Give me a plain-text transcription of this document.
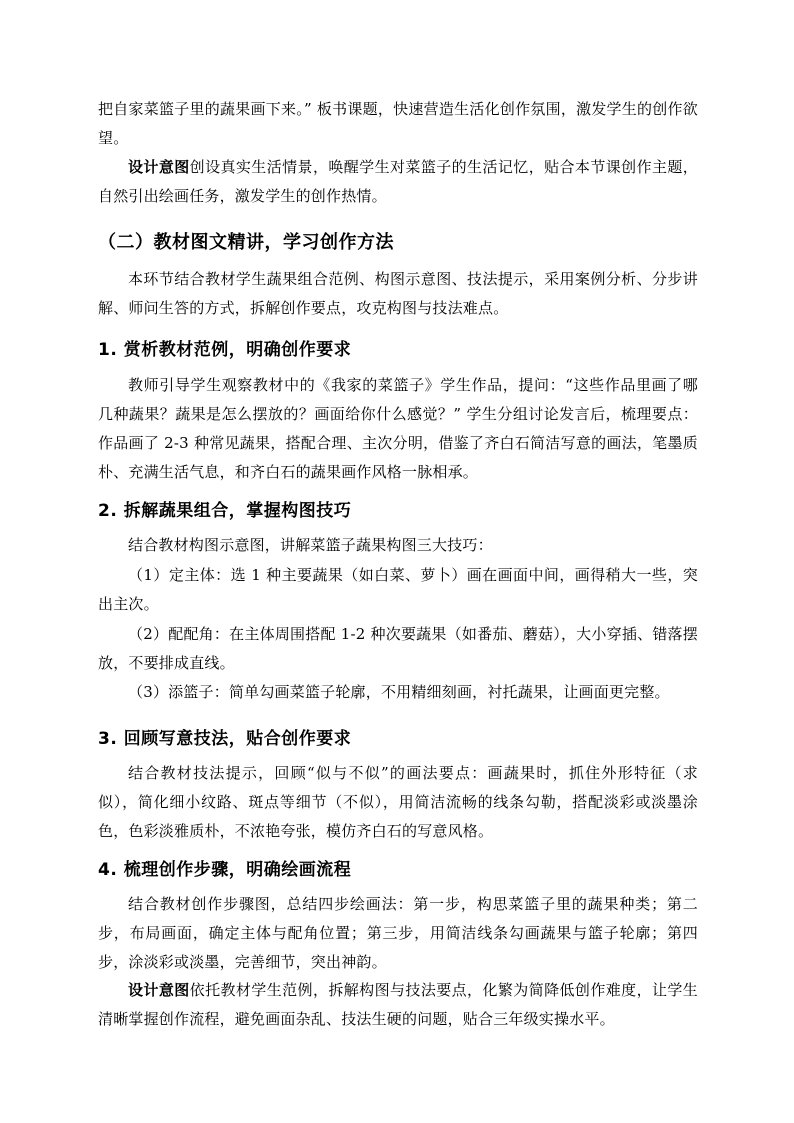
把自家菜篮子里的蔬果画下来。” 板书课题，快速营造生活化创作氛围，激发学生的创作欲望。
设计意图创设真实生活情景，唤醒学生对菜篮子的生活记忆，贴合本节课创作主题，自然引出绘画任务，激发学生的创作热情。
（二）教材图文精讲，学习创作方法
本环节结合教材学生蔬果组合范例、构图示意图、技法提示，采用案例分析、分步讲解、师问生答的方式，拆解创作要点，攻克构图与技法难点。
1. 赏析教材范例，明确创作要求
教师引导学生观察教材中的《我家的菜篮子》学生作品，提问：“这些作品里画了哪几种蔬果？蔬果是怎么摆放的？画面给你什么感觉？” 学生分组讨论发言后，梳理要点：作品画了 2-3 种常见蔬果，搭配合理、主次分明，借鉴了齐白石简洁写意的画法，笔墨质朴、充满生活气息，和齐白石的蔬果画作风格一脉相承。
2. 拆解蔬果组合，掌握构图技巧
结合教材构图示意图，讲解菜篮子蔬果构图三大技巧：
（1）定主体：选 1 种主要蔬果（如白菜、萝卜）画在画面中间，画得稍大一些，突出主次。
（2）配配角：在主体周围搭配 1-2 种次要蔬果（如番茄、蘑菇），大小穿插、错落摆放，不要排成直线。
（3）添篮子：简单勾画菜篮子轮廓，不用精细刻画，衬托蔬果，让画面更完整。
3. 回顾写意技法，贴合创作要求
结合教材技法提示，回顾“似与不似”的画法要点：画蔬果时，抓住外形特征（求似），简化细小纹路、斑点等细节（不似），用简洁流畅的线条勾勒，搭配淡彩或淡墨涂色，色彩淡雅质朴，不浓艳夸张，模仿齐白石的写意风格。
4. 梳理创作步骤，明确绘画流程
结合教材创作步骤图，总结四步绘画法：第一步，构思菜篮子里的蔬果种类；第二步，布局画面，确定主体与配角位置；第三步，用简洁线条勾画蔬果与篮子轮廓；第四步，涂淡彩或淡墨，完善细节，突出神韵。
设计意图依托教材学生范例，拆解构图与技法要点，化繁为简降低创作难度，让学生清晰掌握创作流程，避免画面杂乱、技法生硬的问题，贴合三年级实操水平。
